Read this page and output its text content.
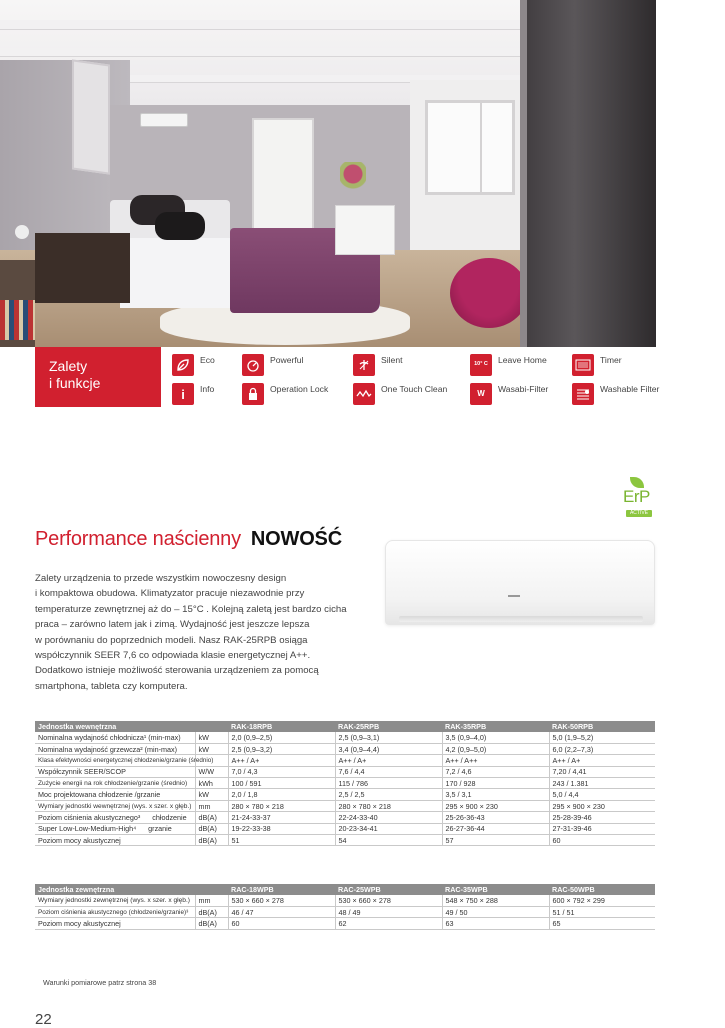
Zalety
i funkcje
Eco	Powerful	Silent	10° C	Leave Home	Timer
i	Info	Operation Lock	One Touch Clean	W	Wasabi-Filter	Washable Filter
ErP
ACTIVE
Performance naścienny NOWOŚĆ

Zalety urządzenia to przede wszystkim nowoczesny design

i kompaktowa obudowa. Klimatyzator pracuje niezawodnie przy

temperaturze zewnętrznej aż do – 15°C . Kolejną zaletą jest bardzo cicha

praca – zarówno latem jak i zimą. Wydajność jest jeszcze lepsza

w porównaniu do poprzednich modeli. Nasz RAK-25RPB osiąga

współczynnik SEER 7,6 co odpowiada klasie energetycznej A++.

Dodatkowo istnieje możliwość sterowania urządzeniem za pomocą

smartphona, tableta czy komputera.

Jednostka wewnętrzna		RAK-18RPB	RAK-25RPB	RAK-35RPB	RAK-50RPB
Nominalna wydajność chłodnicza¹ (min-max)	kW	2,0 (0,9–2,5)	2,5 (0,9–3,1)	3,5 (0,9–4,0)	5,0 (1,9–5,2)
Nominalna wydajność grzewcza² (min-max)	kW	2,5 (0,9–3,2)	3,4 (0,9–4,4)	4,2 (0,9–5,0)	6,0 (2,2–7,3)
Klasa efektywności energetycznej chłodzenie/grzanie (średnio)		A++ / A+	A++ / A+	A++ / A++	A++ / A+
Współczynnik SEER/SCOP	W/W	7,0 / 4,3	7,6 / 4,4	7,2 / 4,6	7,20 / 4,41
Zużycie energii na rok chłodzenie/grzanie (średnio)	kWh	100 / 591	115 / 786	170 / 928	243 / 1.381
Moc projektowana chłodzenie /grzanie	kW	2,0 / 1,8	2,5 / 2,5	3,5 / 3,1	5,0 / 4,4
Wymiary jednostki wewnętrznej (wys. x szer. x głęb.)	mm	280 × 780 × 218	280 × 780 × 218	295 × 900 × 230	295 × 900 × 230
Poziom ciśnienia akustycznego³ chłodzenie	dB(A)	21-24-33-37	22-24-33-40	25-26-36-43	25-28-39-46
Super Low-Low-Medium-High⁴ grzanie	dB(A)	19-22-33-38	20-23-34-41	26-27-36-44	27-31-39-46
Poziom mocy akustycznej	dB(A)	51	54	57	60
Jednostka zewnętrzna		RAC-18WPB	RAC-25WPB	RAC-35WPB	RAC-50WPB
Wymiary jednostki zewnętrznej (wys. x szer. x głęb.)	mm	530 × 660 × 278	530 × 660 × 278	548 × 750 × 288	600 × 792 × 299
Poziom ciśnienia akustycznego (chłodzenie/grzanie)³	dB(A)	46 / 47	48 / 49	49 / 50	51 / 51
Poziom mocy akustycznej	dB(A)	60	62	63	65
Warunki pomiarowe patrz strona 38
22
